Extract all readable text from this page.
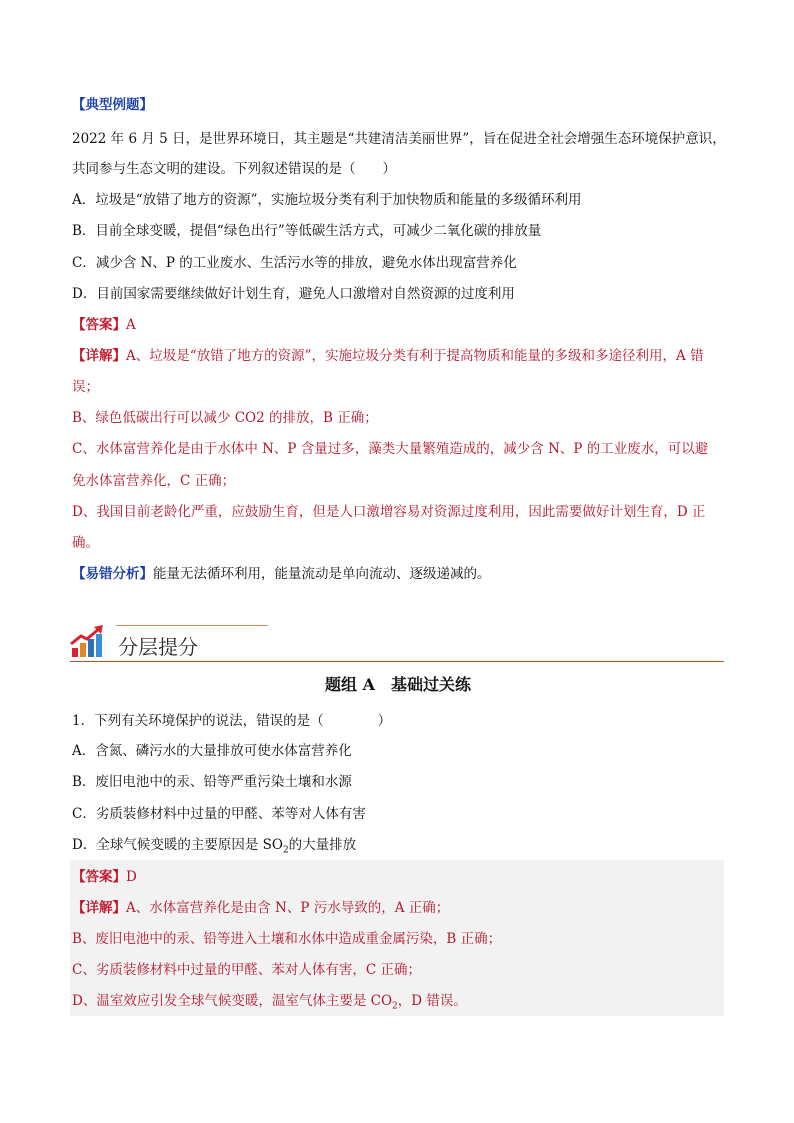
【典型例题】
2022 年 6 月 5 日，是世界环境日，其主题是“共建清洁美丽世界”，旨在促进全社会增强生态环境保护意识，
共同参与生态文明的建设。下列叙述错误的是（　　）
A．垃圾是“放错了地方的资源”，实施垃圾分类有利于加快物质和能量的多级循环利用
B．目前全球变暖，提倡“绿色出行”等低碳生活方式，可减少二氧化碳的排放量
C．减少含 N、P 的工业废水、生活污水等的排放，避免水体出现富营养化
D．目前国家需要继续做好计划生育，避免人口激增对自然资源的过度利用
【答案】A
【详解】A、垃圾是“放错了地方的资源”，实施垃圾分类有利于提高物质和能量的多级和多途径利用，A 错
误；
B、绿色低碳出行可以减少 CO2 的排放，B 正确；
C、水体富营养化是由于水体中 N、P 含量过多，藻类大量繁殖造成的，减少含 N、P 的工业废水，可以避
免水体富营养化，C 正确；
D、我国目前老龄化严重，应鼓励生育，但是人口激增容易对资源过度利用，因此需要做好计划生育，D 正
确。
【易错分析】能量无法循环利用，能量流动是单向流动、逐级递减的。
分层提分
题组 A　基础过关练
1．下列有关环境保护的说法，错误的是（　　　　）
A．含氮、磷污水的大量排放可使水体富营养化
B．废旧电池中的汞、铅等严重污染土壤和水源
C．劣质装修材料中过量的甲醛、苯等对人体有害
D．全球气候变暖的主要原因是 $SO_2$的大量排放
【答案】D
【详解】A、水体富营养化是由含 N、P 污水导致的，A 正确；
B、废旧电池中的汞、铅等进入土壤和水体中造成重金属污染，B 正确；
C、劣质装修材料中过量的甲醛、苯对人体有害，C 正确；
D、温室效应引发全球气候变暖，温室气体主要是 $CO_2$，D 错误。
